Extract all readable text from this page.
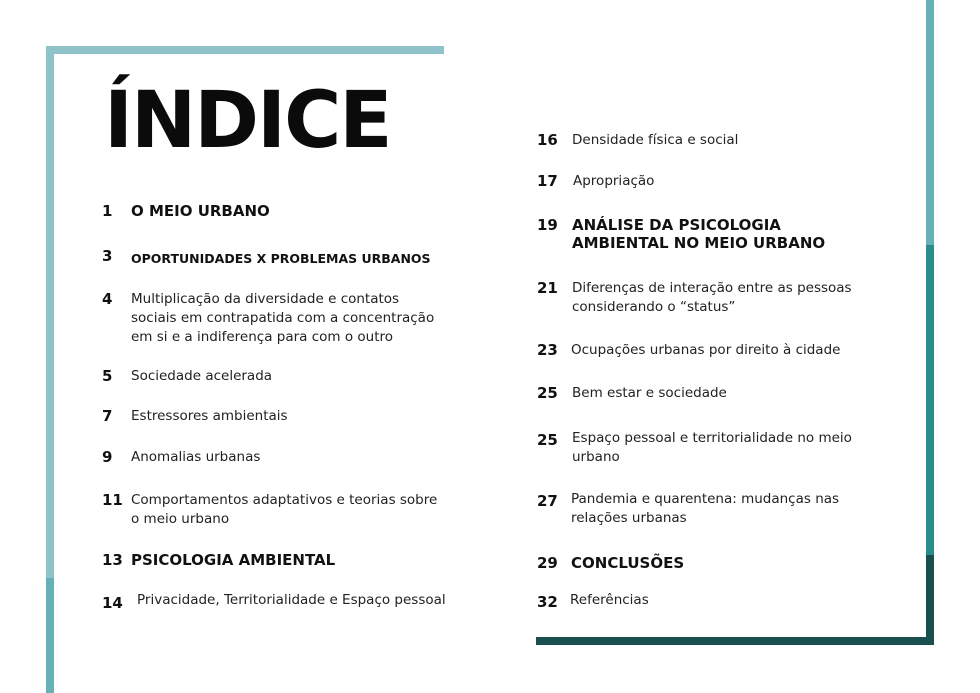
ÍNDICE
1 O MEIO URBANO
3 OPORTUNIDADES X PROBLEMAS URBANOS
4 Multiplicação da diversidade e contatos sociais em contrapatida com a concentração em si e a indiferença para com o outro
5 Sociedade acelerada
7 Estressores ambientais
9 Anomalias urbanas
11 Comportamentos adaptativos e teorias sobre o meio urbano
13 PSICOLOGIA AMBIENTAL
14 Privacidade, Territorialidade e Espaço pessoal
16 Densidade física e social
17 Apropriação
19 ANÁLISE DA PSICOLOGIA AMBIENTAL NO MEIO URBANO
21 Diferenças de interação entre as pessoas considerando o “status”
23 Ocupações urbanas por direito à cidade
25 Bem estar e sociedade
25 Espaço pessoal e territorialidade no meio urbano
27 Pandemia e quarentena: mudanças nas relações urbanas
29 CONCLUSÕES
32 Referências
